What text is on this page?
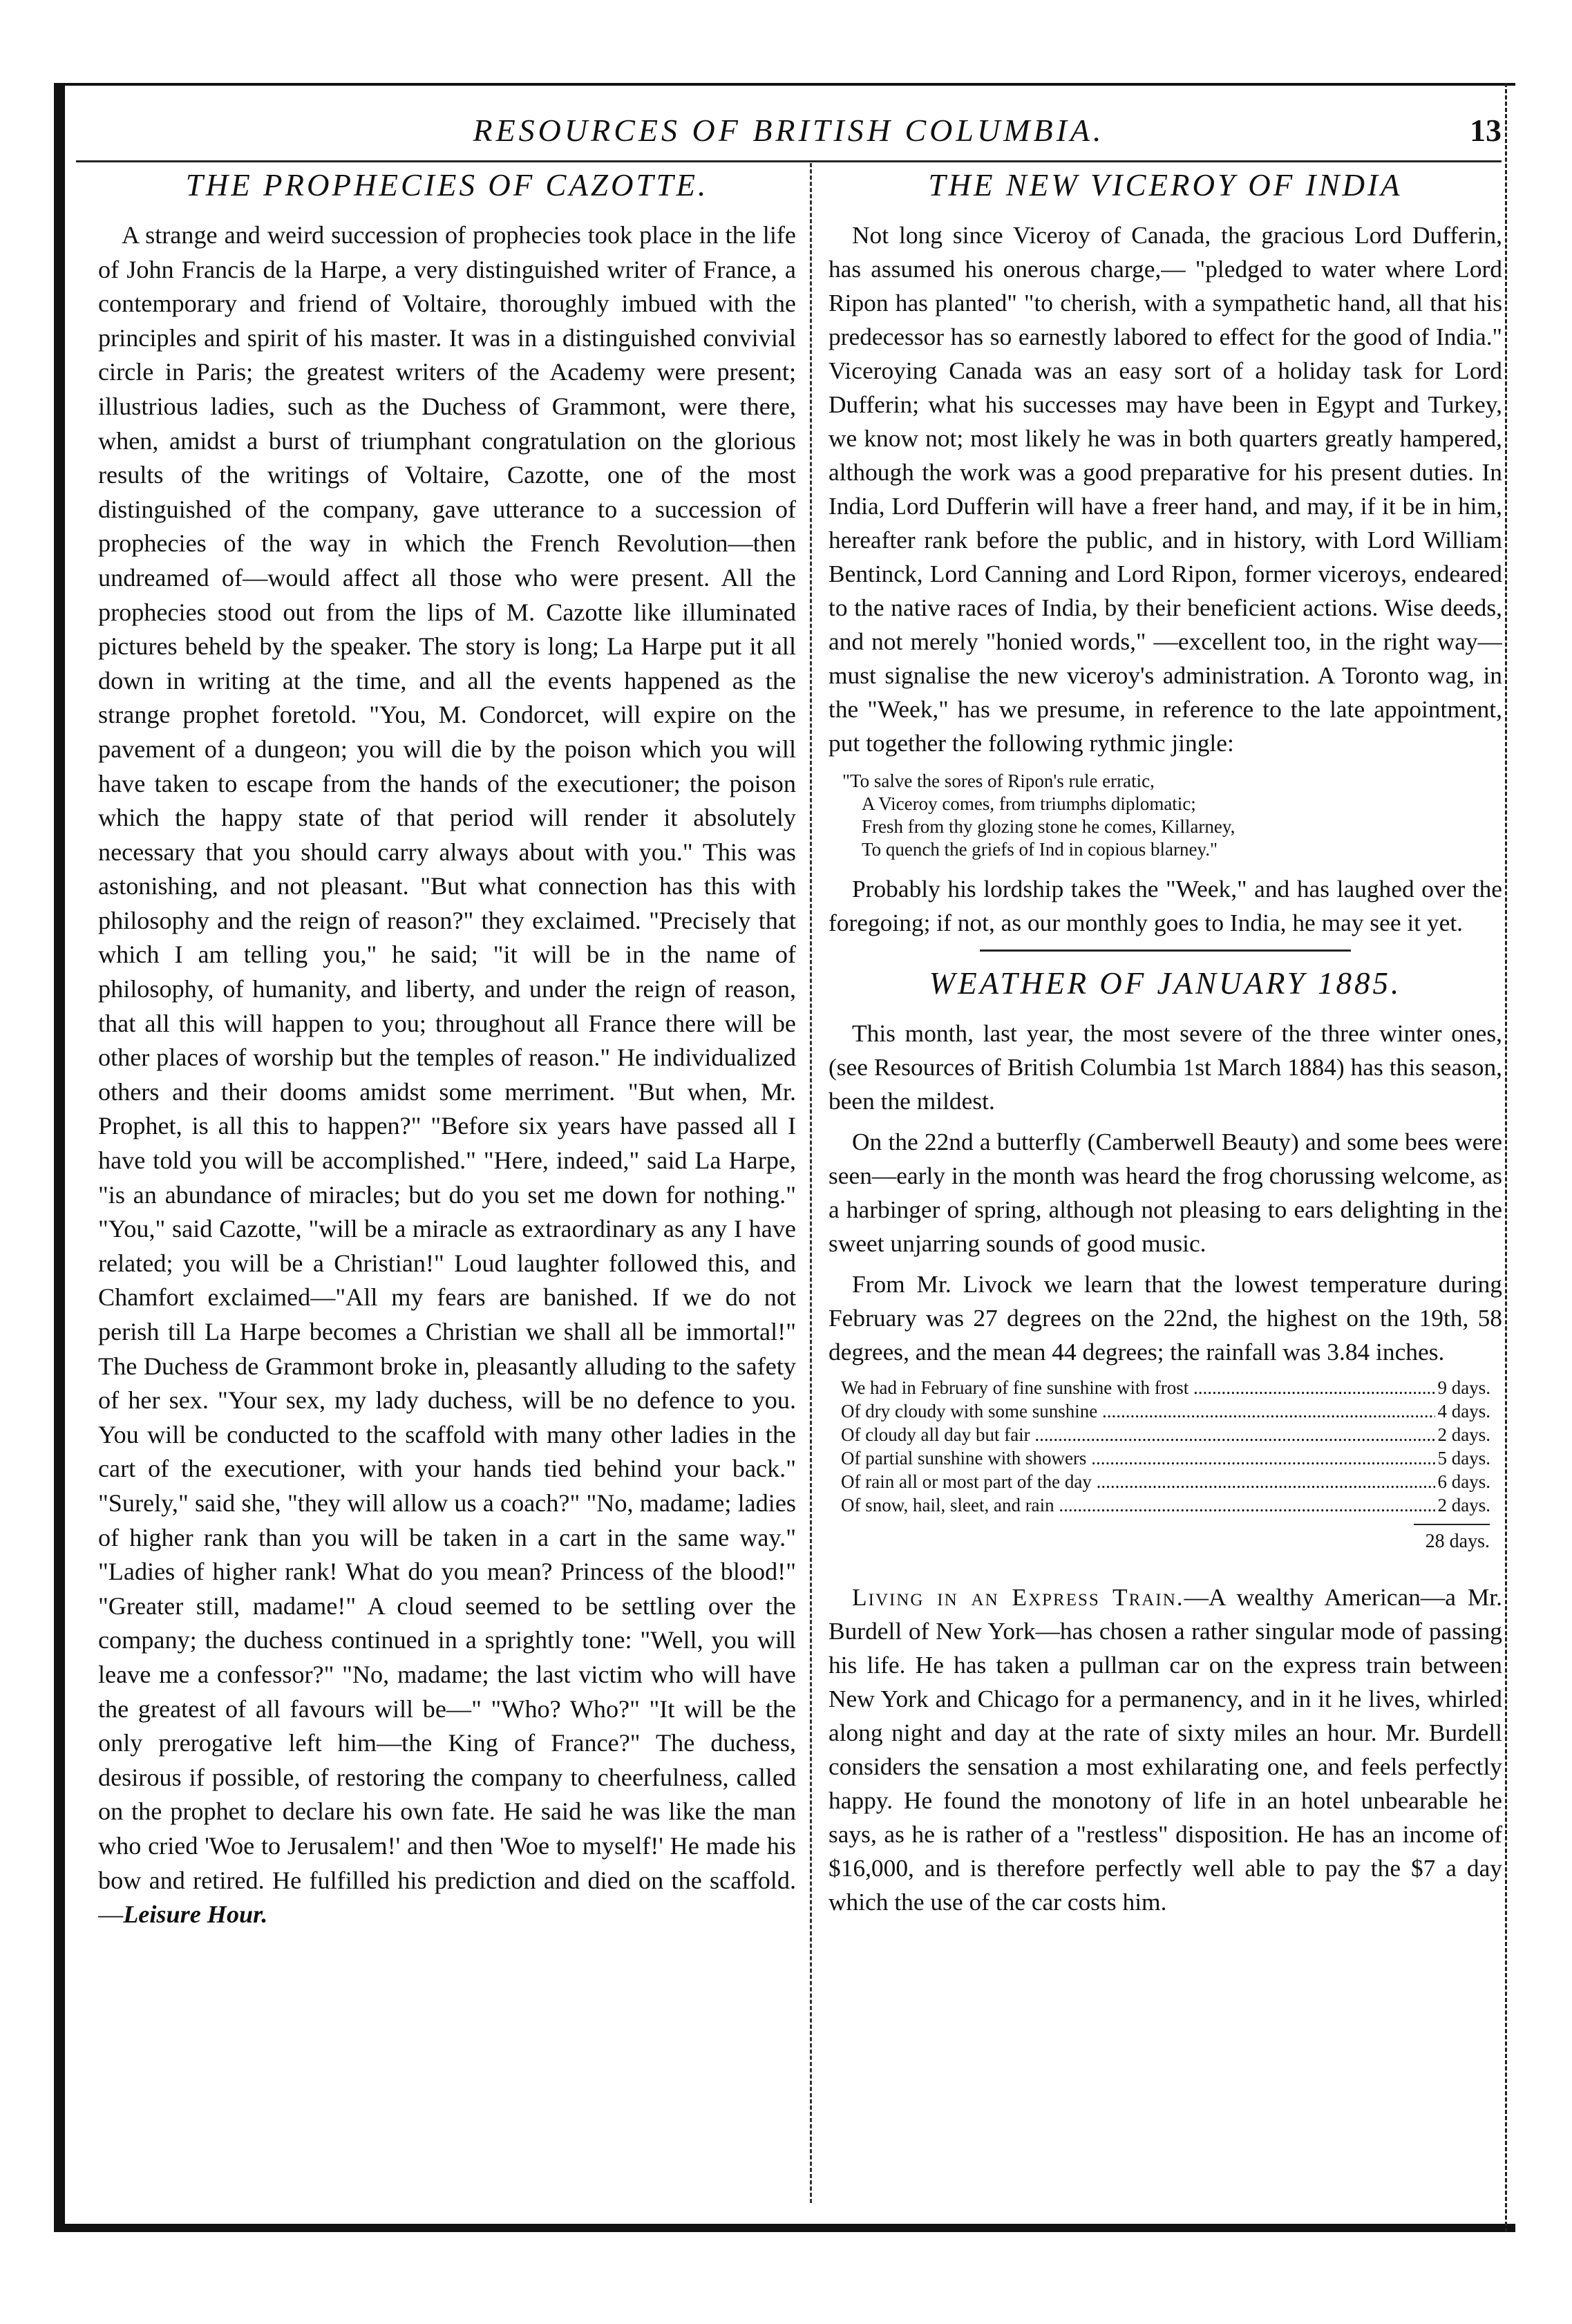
RESOURCES OF BRITISH COLUMBIA.	13
THE PROPHECIES OF CAZOTTE.

A strange and weird succession of prophecies took place in the life of John Francis de la Harpe, a very distinguished writer of France, a contemporary and friend of Voltaire, thoroughly imbued with the principles and spirit of his master. It was in a distinguished convivial circle in Paris; the greatest writers of the Academy were present; illustrious ladies, such as the Duchess of Grammont, were there, when, amidst a burst of triumphant congratulation on the glorious results of the writings of Voltaire, Cazotte, one of the most distinguished of the company, gave utterance to a succession of prophecies of the way in which the French Revolution—then undreamed of—would affect all those who were present. All the prophecies stood out from the lips of M. Cazotte like illuminated pictures beheld by the speaker. The story is long; La Harpe put it all down in writing at the time, and all the events happened as the strange prophet foretold. "You, M. Condorcet, will expire on the pavement of a dungeon; you will die by the poison which you will have taken to escape from the hands of the executioner; the poison which the happy state of that period will render it absolutely necessary that you should carry always about with you." This was astonishing, and not pleasant. "But what connection has this with philosophy and the reign of reason?" they exclaimed. "Precisely that which I am telling you," he said; "it will be in the name of philosophy, of humanity, and liberty, and under the reign of reason, that all this will happen to you; throughout all France there will be other places of worship but the temples of reason." He individualized others and their dooms amidst some merriment. "But when, Mr. Prophet, is all this to happen?" "Before six years have passed all I have told you will be accomplished." "Here, indeed," said La Harpe, "is an abundance of miracles; but do you set me down for nothing." "You," said Cazotte, "will be a miracle as extraordinary as any I have related; you will be a Christian!" Loud laughter followed this, and Chamfort exclaimed—"All my fears are banished. If we do not perish till La Harpe becomes a Christian we shall all be immortal!" The Duchess de Grammont broke in, pleasantly alluding to the safety of her sex. "Your sex, my lady duchess, will be no defence to you. You will be conducted to the scaffold with many other ladies in the cart of the executioner, with your hands tied behind your back." "Surely," said she, "they will allow us a coach?" "No, madame; ladies of higher rank than you will be taken in a cart in the same way." "Ladies of higher rank! What do you mean? Princess of the blood!" "Greater still, madame!" A cloud seemed to be settling over the company; the duchess continued in a sprightly tone: "Well, you will leave me a confessor?" "No, madame; the last victim who will have the greatest of all favours will be—" "Who? Who?" "It will be the only prerogative left him—the King of France?" The duchess, desirous if possible, of restoring the company to cheerfulness, called on the prophet to declare his own fate. He said he was like the man who cried 'Woe to Jerusalem!' and then 'Woe to myself!' He made his bow and retired. He fulfilled his prediction and died on the scaffold.—Leisure Hour.

THE NEW VICEROY OF INDIA

Not long since Viceroy of Canada, the gracious Lord Dufferin, has assumed his onerous charge,— "pledged to water where Lord Ripon has planted" "to cherish, with a sympathetic hand, all that his predecessor has so earnestly labored to effect for the good of India." Viceroying Canada was an easy sort of a holiday task for Lord Dufferin; what his successes may have been in Egypt and Turkey, we know not; most likely he was in both quarters greatly hampered, although the work was a good preparative for his present duties. In India, Lord Dufferin will have a freer hand, and may, if it be in him, hereafter rank before the public, and in history, with Lord William Bentinck, Lord Canning and Lord Ripon, former viceroys, endeared to the native races of India, by their beneficient actions. Wise deeds, and not merely "honied words," —excellent too, in the right way—must signalise the new viceroy's administration. A Toronto wag, in the "Week," has we presume, in reference to the late appointment, put together the following rythmic jingle:

"To salve the sores of Ripon's rule erratic,
A Viceroy comes, from triumphs diplomatic;
Fresh from thy glozing stone he comes, Killarney,
To quench the griefs of Ind in copious blarney."

Probably his lordship takes the "Week," and has laughed over the foregoing; if not, as our monthly goes to India, he may see it yet.

WEATHER OF JANUARY 1885.

This month, last year, the most severe of the three winter ones, (see Resources of British Columbia 1st March 1884) has this season, been the mildest.

On the 22nd a butterfly (Camberwell Beauty) and some bees were seen—early in the month was heard the frog chorussing welcome, as a harbinger of spring, although not pleasing to ears delighting in the sweet unjarring sounds of good music.

From Mr. Livock we learn that the lowest temperature during February was 27 degrees on the 22nd, the highest on the 19th, 58 degrees, and the mean 44 degrees; the rainfall was 3.84 inches.

We had in February of fine sunshine with frost .....	9 days.
Of dry cloudy with some sunshine .....	4 days.
Of cloudy all day but fair .....	2 days.
Of partial sunshine with showers .....	5 days.
Of rain all or most part of the day .....	6 days.
Of snow, hail, sleet, and rain .....	2 days.
28 days.

Living in an Express Train.—A wealthy American—a Mr. Burdell of New York—has chosen a rather singular mode of passing his life. He has taken a pullman car on the express train between New York and Chicago for a permanency, and in it he lives, whirled along night and day at the rate of sixty miles an hour. Mr. Burdell considers the sensation a most exhilarating one, and feels perfectly happy. He found the monotony of life in an hotel unbearable he says, as he is rather of a "restless" disposition. He has an income of $16,000, and is therefore perfectly well able to pay the $7 a day which the use of the car costs him.
